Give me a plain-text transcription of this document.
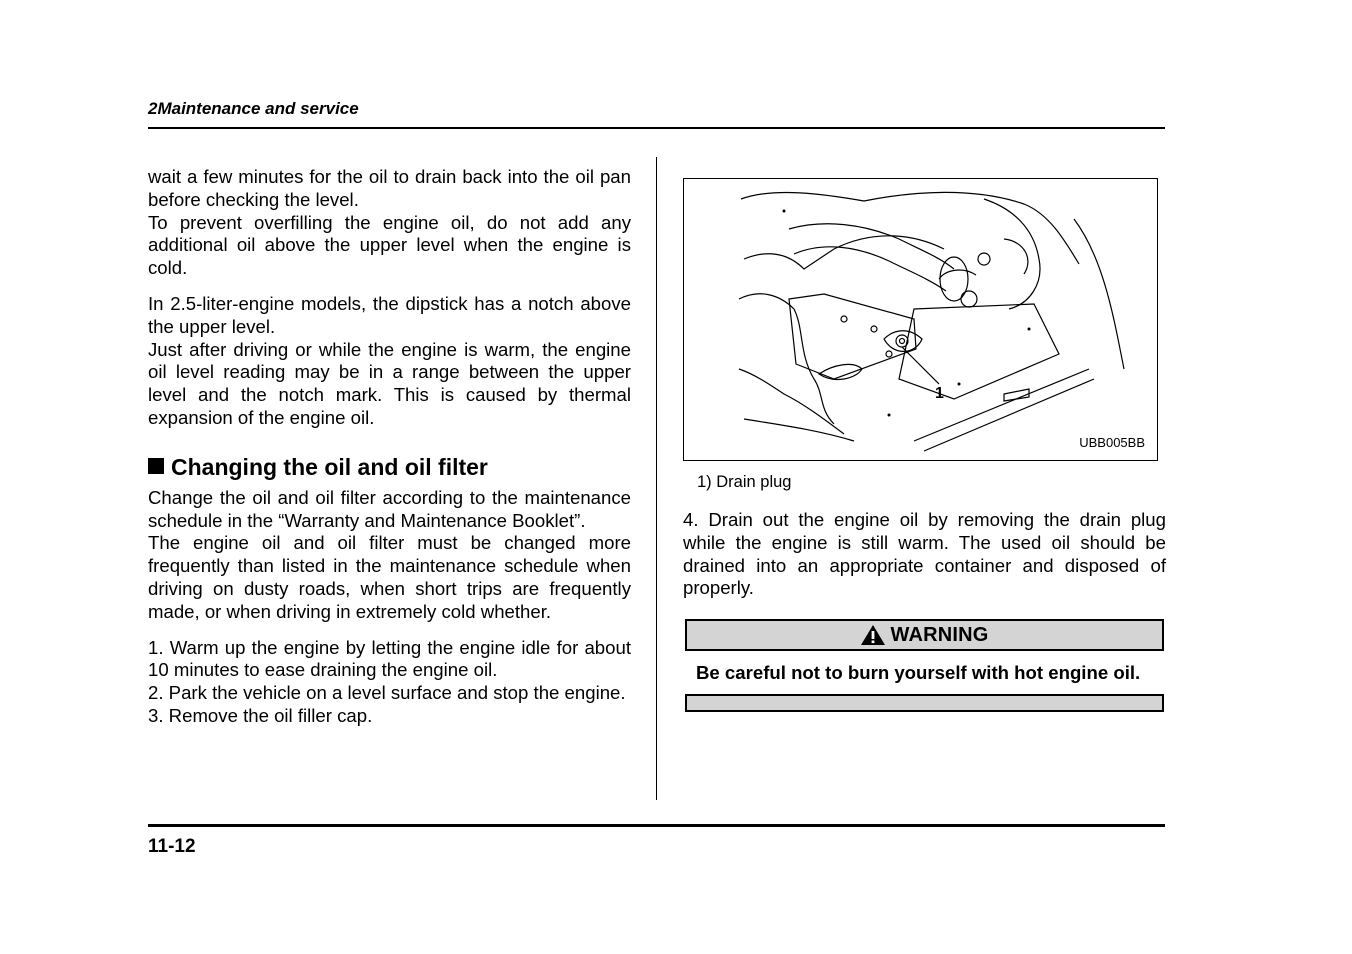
2Maintenance and service

wait a few minutes for the oil to drain back into the oil pan before checking the level.

To prevent overfilling the engine oil, do not add any additional oil above the upper level when the engine is cold.

In 2.5-liter-engine models, the dipstick has a notch above the upper level.

Just after driving or while the engine is warm, the engine oil level reading may be in a range between the upper level and the notch mark. This is caused by thermal expansion of the engine oil.

Changing the oil and oil filter

Change the oil and oil filter according to the maintenance schedule in the “Warranty and Maintenance Booklet”.

The engine oil and oil filter must be changed more frequently than listed in the maintenance schedule when driving on dusty roads, when short trips are frequently made, or when driving in extremely cold whether.

1. Warm up the engine by letting the engine idle for about 10 minutes to ease draining the engine oil.

2. Park the vehicle on a level surface and stop the engine.

3. Remove the oil filler cap.

1
UBB005BB

1) Drain plug

4. Drain out the engine oil by removing the drain plug while the engine is still warm. The used oil should be drained into an appropriate container and disposed of properly.

WARNING

Be careful not to burn yourself with hot engine oil.

11-12
